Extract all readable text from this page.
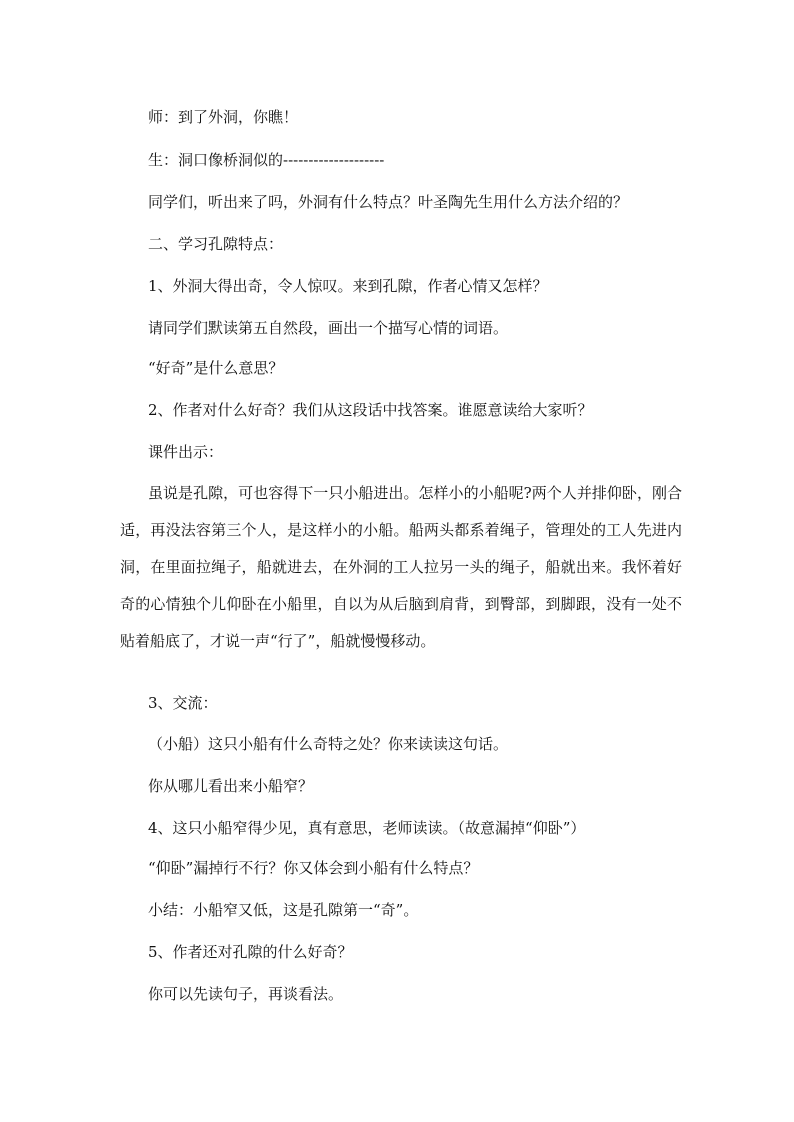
师：到了外洞，你瞧！
生：洞口像桥洞似的--------------------
同学们，听出来了吗，外洞有什么特点？叶圣陶先生用什么方法介绍的？
二、学习孔隙特点：
1、外洞大得出奇，令人惊叹。来到孔隙，作者心情又怎样？
请同学们默读第五自然段，画出一个描写心情的词语。
“好奇”是什么意思？
2、作者对什么好奇？我们从这段话中找答案。谁愿意读给大家听？
课件出示：
虽说是孔隙，可也容得下一只小船进出。怎样小的小船呢?两个人并排仰卧，刚合适，再没法容第三个人，是这样小的小船。船两头都系着绳子，管理处的工人先进内洞，在里面拉绳子，船就进去，在外洞的工人拉另一头的绳子，船就出来。我怀着好奇的心情独个儿仰卧在小船里，自以为从后脑到肩背，到臀部，到脚跟，没有一处不贴着船底了，才说一声“行了”，船就慢慢移动。
3、交流：
（小船）这只小船有什么奇特之处？你来读读这句话。
你从哪儿看出来小船窄？
4、这只小船窄得少见，真有意思，老师读读。（故意漏掉“仰卧”）
“仰卧”漏掉行不行？你又体会到小船有什么特点？
小结：小船窄又低，这是孔隙第一“奇”。
5、作者还对孔隙的什么好奇？
你可以先读句子，再谈看法。
